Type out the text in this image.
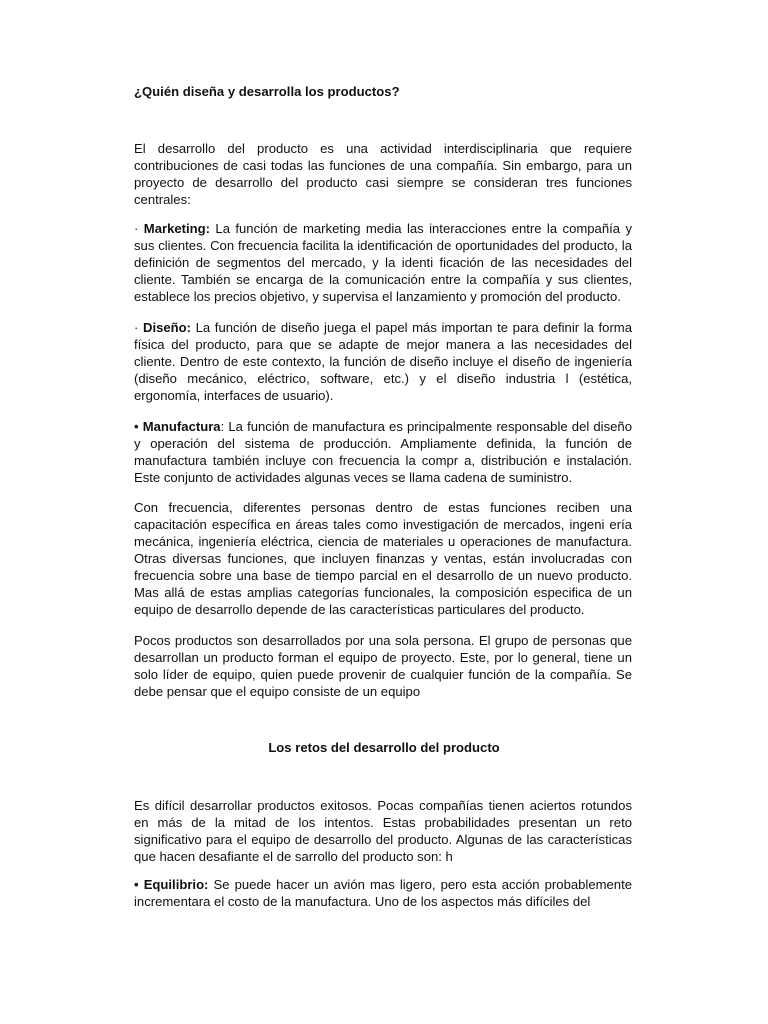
¿Quién diseña y desarrolla los productos?

El desarrollo del producto es una actividad interdisciplinaria que requiere contribuciones de casi todas las funciones de una compañía. Sin embargo, para un proyecto de desarrollo del producto casi siempre se consideran tres funciones centrales:

· Marketing: La función de marketing media las interacciones entre la compañía y sus clientes. Con frecuencia facilita la identificación de oportunidades del producto, la definición de segmentos del mercado, y la identi ficación de las necesidades del cliente. También se encarga de la comunicación entre la compañía y sus clientes, establece los precios objetivo, y supervisa el lanzamiento y promoción del producto.

· Diseño: La función de diseño juega el papel más importan te para definir la forma física del producto, para que se adapte de mejor manera a las necesidades del cliente. Dentro de este contexto, la función de diseño incluye el diseño de ingeniería (diseño mecánico, eléctrico, software, etc.) y el diseño industria l (estética, ergonomía, interfaces de usuario).

• Manufactura: La función de manufactura es principalmente responsable del diseño y operación del sistema de producción. Ampliamente definida, la función de manufactura también incluye con frecuencia la compr a, distribución e instalación. Este conjunto de actividades algunas veces se llama cadena de suministro.

Con frecuencia, diferentes personas dentro de estas funciones reciben una capacitación específica en áreas tales como investigación de mercados, ingeni ería mecánica, ingeniería eléctrica, ciencia de materiales u operaciones de manufactura. Otras diversas funciones, que incluyen finanzas y ventas, están involucradas con frecuencia sobre una base de tiempo parcial en el desarrollo de un nuevo producto. Mas allá de estas amplias categorías funcionales, la composición especifica de un equipo de desarrollo depende de las características particulares del producto.

Pocos productos son desarrollados por una sola persona. El grupo de personas que desarrollan un producto forman el equipo de proyecto. Este, por lo general, tiene un solo líder de equipo, quien puede provenir de cualquier función de la compañía. Se debe pensar que el equipo consiste de un equipo

Los retos del desarrollo del producto

Es difícil desarrollar productos exitosos. Pocas compañías tienen aciertos rotundos en más de la mitad de los intentos. Estas probabilidades presentan un reto significativo para el equipo de desarrollo del producto. Algunas de las características que hacen desafiante el de sarrollo del producto son: h

• Equilibrio: Se puede hacer un avión mas ligero, pero esta acción probablemente incrementara el costo de la manufactura. Uno de los aspectos más difíciles del
